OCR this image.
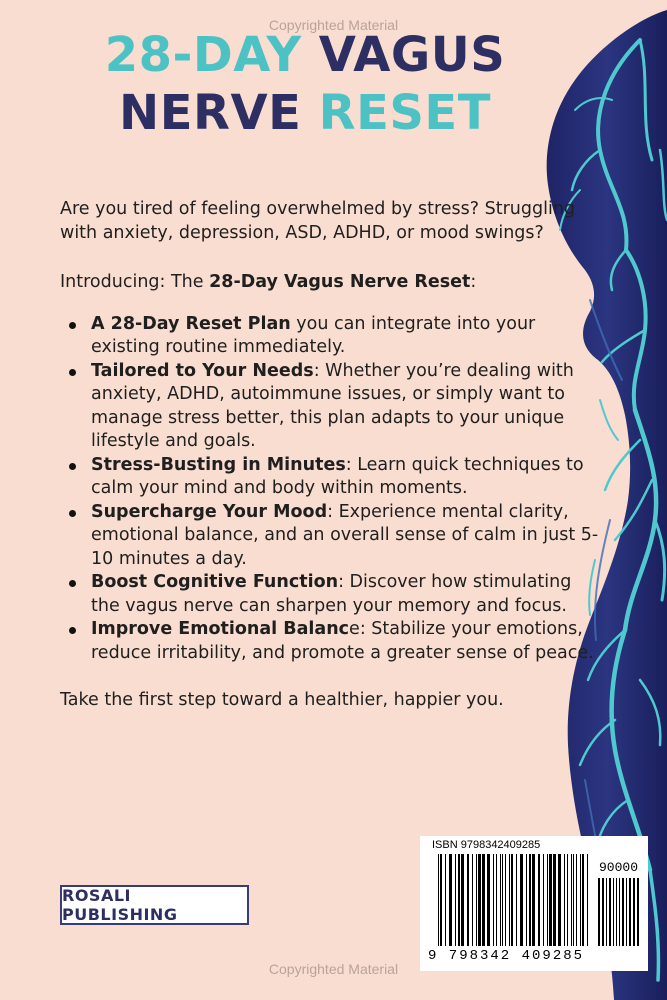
Copyrighted Material
28-DAY VAGUS
NERVE RESET

Are you tired of feeling overwhelmed by stress? Struggling with anxiety, depression, ASD, ADHD, or mood swings?

Introducing: The 28-Day Vagus Nerve Reset:

A 28-Day Reset Plan you can integrate into your existing routine immediately.
Tailored to Your Needs: Whether you’re dealing with anxiety, ADHD, autoimmune issues, or simply want to manage stress better, this plan adapts to your unique lifestyle and goals.
Stress-Busting in Minutes: Learn quick techniques to calm your mind and body within moments.
Supercharge Your Mood: Experience mental clarity, emotional balance, and an overall sense of calm in just 5-10 minutes a day.
Boost Cognitive Function: Discover how stimulating the vagus nerve can sharpen your memory and focus.
Improve Emotional Balance: Stabilize your emotions, reduce irritability, and promote a greater sense of peace.

Take the first step toward a healthier, happier you.

ROSALI PUBLISHING
ISBN 9798342409285
90000
9 798342 409285
Copyrighted Material
